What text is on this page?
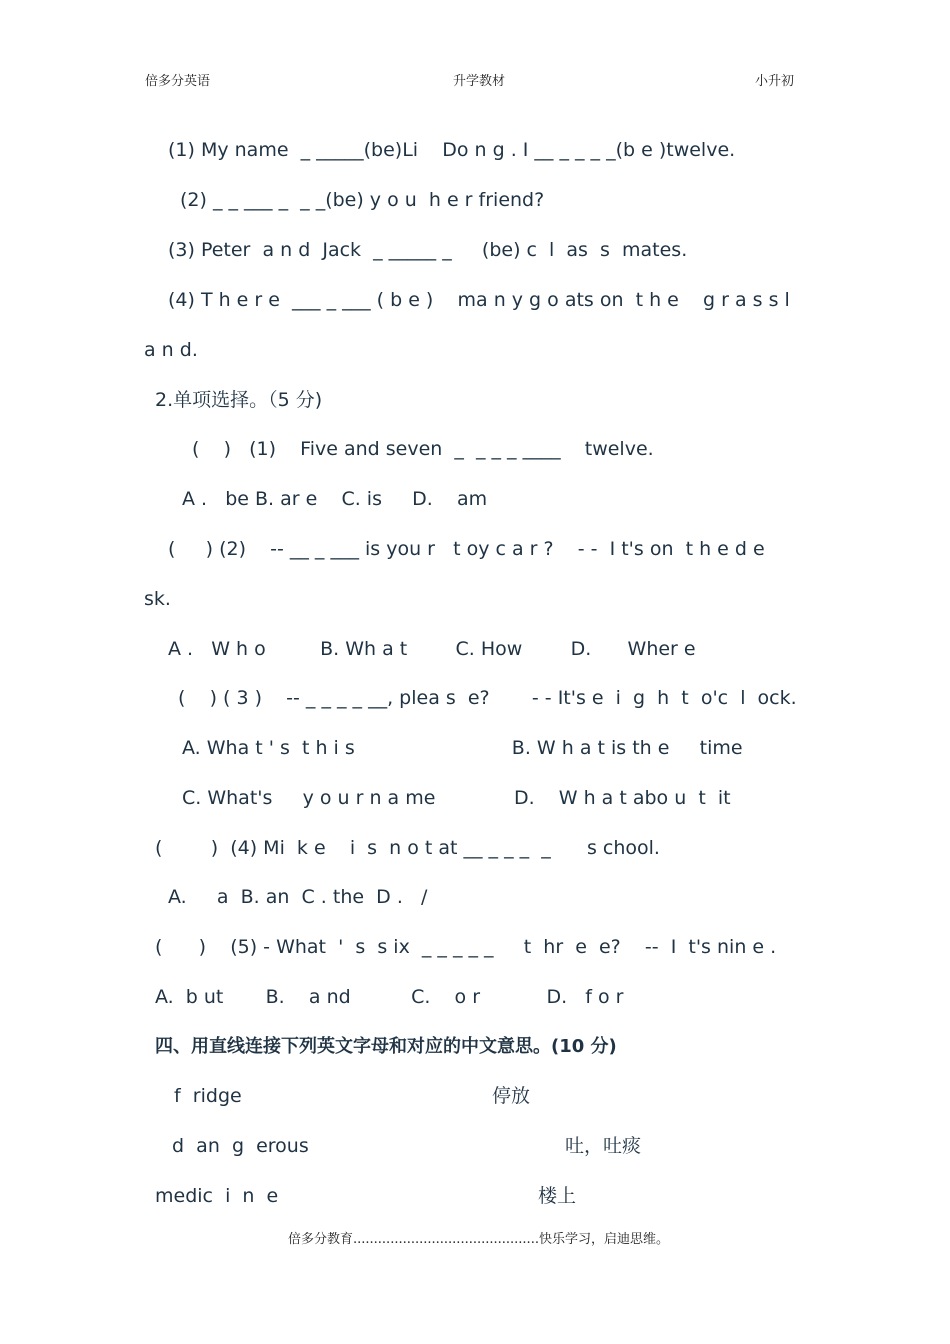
倍多分英语	升学教材	小升初
(1) My name  _ _____(be)Li    Do n g . I __ _ _ _ _(b e )twelve.
(2) _ _ ___ _  _ _(be) y o u  h e r friend?
(3) Peter  a n d  Jack  _ _____ _     (be) c  l  as  s  mates.
(4) T h e r e  ___ _ ___ ( b e )    ma n y g o ats on  t h e    g r a s s l
a n d.
2.单项选择。（5 分)
(    )   (1)    Five and seven  _  _ _ _ ____    twelve.
A .   be B. ar e    C. is     D.    am
(     ) (2)    -- __ _ ___ is you r   t oy c a r ?    - -  I t's on  t h e d e
sk.
A .   W h o         B. Wh a t        C. How        D.      Wher e
(    ) ( 3 )    -- _ _ _ _ __, plea s  e?       - - It's e  i  g  h  t  o'c  l  ock.
A. Wha t ' s  t h i s                          B. W h a t is th e     time
C. What's     y o u r n a me             D.    W h a t abo u  t  it
(        )  (4) Mi  k e    i  s  n o t at __ _ _ _  _      s chool.
A.     a  B. an  C . the  D .   /
(      )    (5) - What  '  s  s ix  _ _ _ _ _     t  hr  e  e?    --  I  t's nin e .
A.  b ut       B.    a nd          C.    o r           D.   f o r
四、用直线连接下列英文字母和对应的中文意思。(10 分)
f  ridge	停放
d  an  g  erous	吐，吐痰
medic  i  n  e	楼上
倍多分教育.............................................快乐学习，启迪思维。
